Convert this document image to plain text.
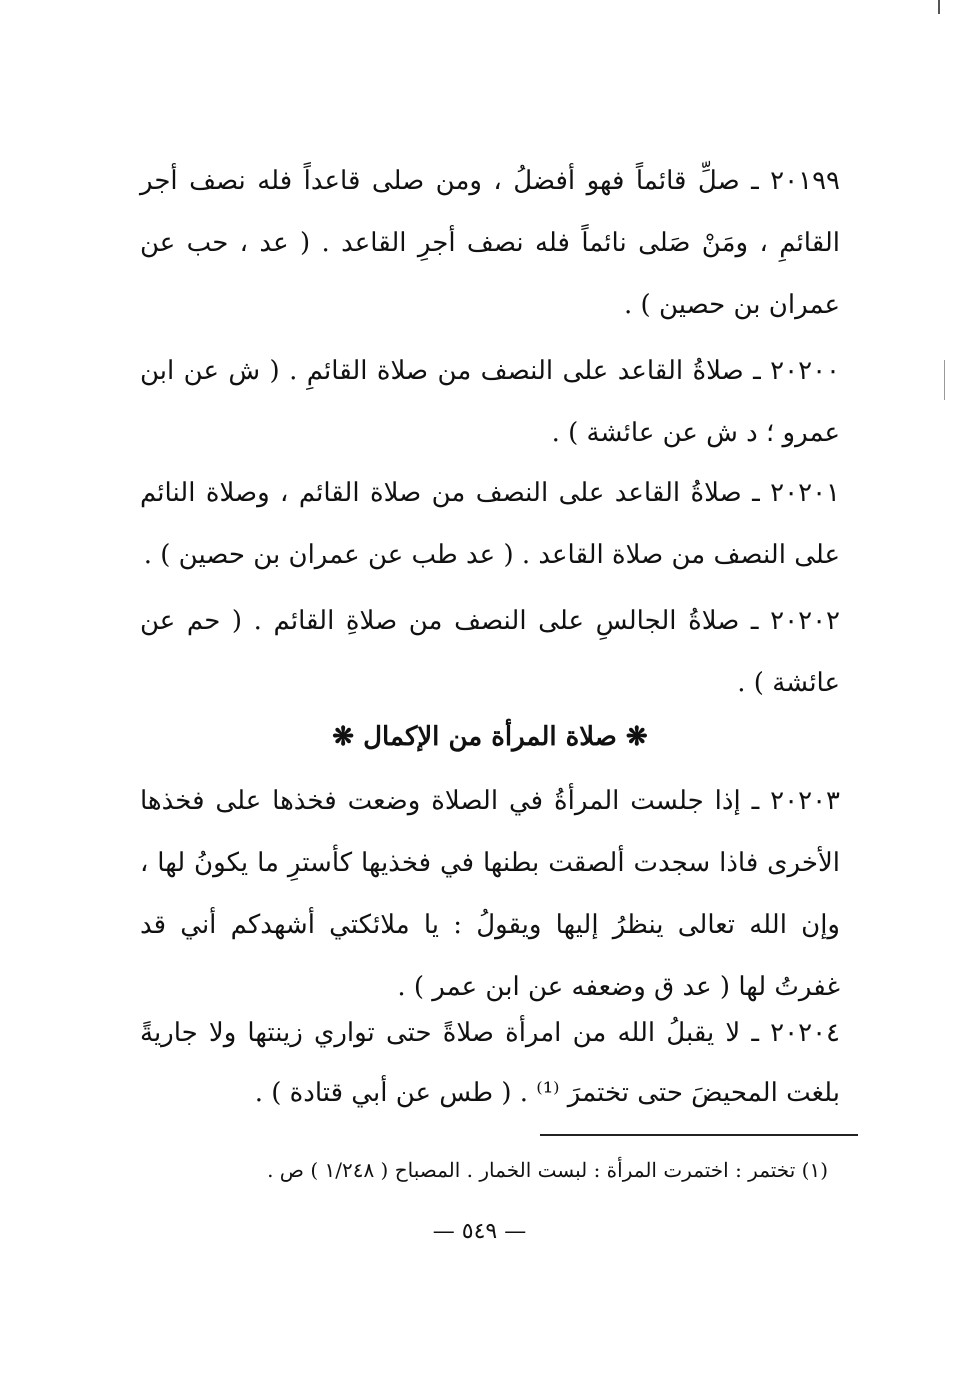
٢٠١٩٩ ـ صلِّ قائماً فهو أفضلُ ، ومن صلى قاعداً فله نصف أجر القائمِ ، ومَنْ صَلى نائماً فله نصف أجرِ القاعد . ( عد ، حب عن عمران بن حصين ) .

٢٠٢٠٠ ـ صلاةُ القاعد على النصف من صلاة القائمِ . ( ش عن ابن عمرو ؛ د ش عن عائشة ) .

٢٠٢٠١ ـ صلاةُ القاعد على النصف من صلاة القائم ، وصلاة النائم على النصف من صلاة القاعد . ( عد طب عن عمران بن حصين ) .

٢٠٢٠٢ ـ صلاةُ الجالسِ على النصف من صلاةِ القائم . ( حم عن عائشة ) .

❋ صلاة المرأة من الإكمال ❋

٢٠٢٠٣ ـ إذا جلست المرأةُ في الصلاة وضعت فخذها على فخذها الأخرى فاذا سجدت ألصقت بطنها في فخذيها كأسترِ ما يكونُ لها ، وإن الله تعالى ينظرُ إليها ويقولُ : يا ملائكتي أشهدكم أني قد غفرتُ لها ( عد ق وضعفه عن ابن عمر ) .

٢٠٢٠٤ ـ لا يقبلُ الله من امرأة صلاةً حتى تواري زينتها ولا جاريةً بلغت المحيضَ حتى تختمرَ ⁽¹⁾ . ( طس عن أبي قتادة ) .

(١) تختمر : اختمرت المرأة : لبست الخمار . المصباح ( ١/٢٤٨ ) ص .

— ٥٤٩ —
